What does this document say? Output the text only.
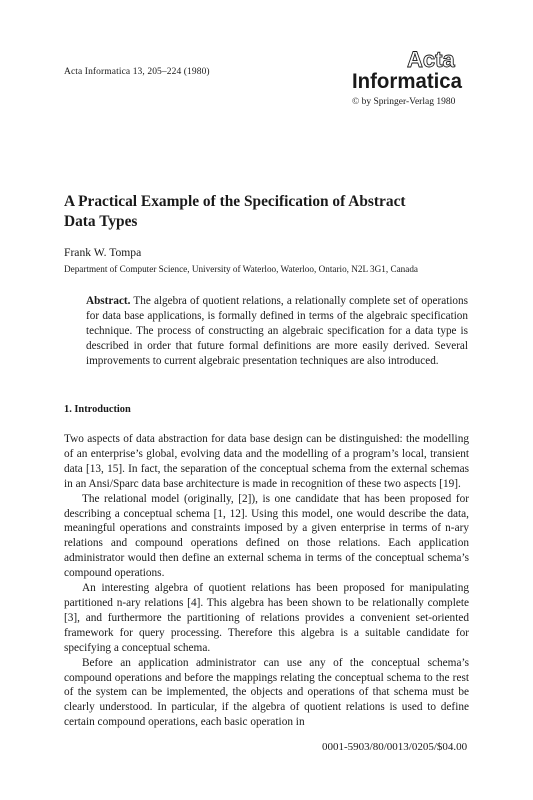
Acta Informatica 13, 205–224 (1980)	Acta
Informatica
© by Springer-Verlag 1980
A Practical Example of the Specification of Abstract Data Types
Frank W. Tompa
Department of Computer Science, University of Waterloo, Waterloo, Ontario, N2L 3G1, Canada

Abstract. The algebra of quotient relations, a relationally complete set of operations for data base applications, is formally defined in terms of the algebraic specification technique. The process of constructing an algebraic specification for a data type is described in order that future formal definitions are more easily derived. Several improvements to current algebraic presentation techniques are also introduced.

1. Introduction

Two aspects of data abstraction for data base design can be distinguished: the modelling of an enterprise’s global, evolving data and the modelling of a program’s local, transient data [13, 15]. In fact, the separation of the conceptual schema from the external schemas in an Ansi/Sparc data base architecture is made in recognition of these two aspects [19].

The relational model (originally, [2]), is one candidate that has been proposed for describing a conceptual schema [1, 12]. Using this model, one would describe the data, meaningful operations and constraints imposed by a given enterprise in terms of n-ary relations and compound operations defined on those relations. Each application administrator would then define an external schema in terms of the conceptual schema’s compound operations.

An interesting algebra of quotient relations has been proposed for manipulating partitioned n-ary relations [4]. This algebra has been shown to be relationally complete [3], and furthermore the partitioning of relations provides a convenient set-oriented framework for query processing. Therefore this algebra is a suitable candidate for specifying a conceptual schema.

Before an application administrator can use any of the conceptual schema’s compound operations and before the mappings relating the conceptual schema to the rest of the system can be implemented, the objects and operations of that schema must be clearly understood. In particular, if the algebra of quotient relations is used to define certain compound operations, each basic operation in

0001-5903/80/0013/0205/$04.00
